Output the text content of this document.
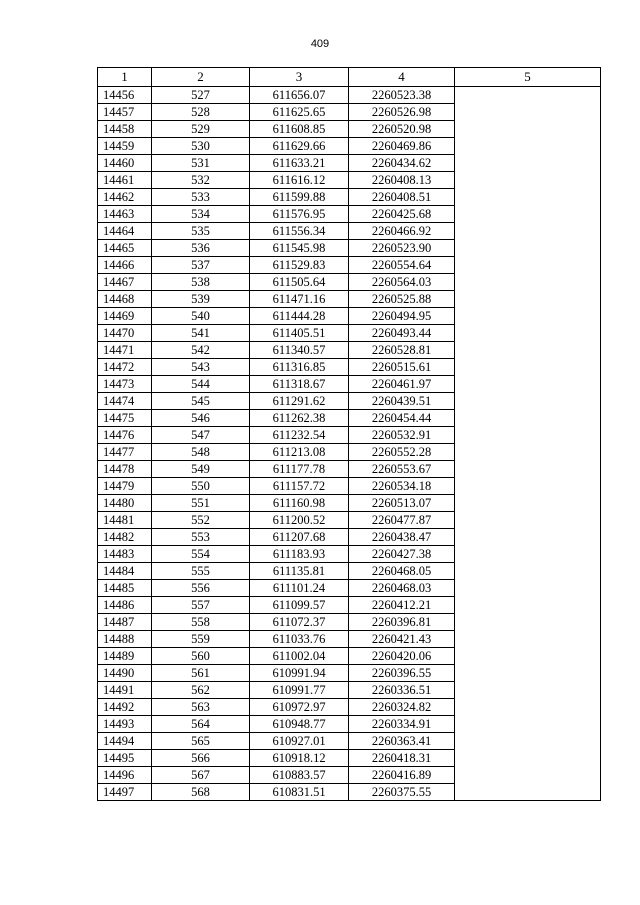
409
1	2	3	4	5
14456	527	611656.07	2260523.38	
14457	528	611625.65	2260526.98	
14458	529	611608.85	2260520.98	
14459	530	611629.66	2260469.86	
14460	531	611633.21	2260434.62	
14461	532	611616.12	2260408.13	
14462	533	611599.88	2260408.51	
14463	534	611576.95	2260425.68	
14464	535	611556.34	2260466.92	
14465	536	611545.98	2260523.90	
14466	537	611529.83	2260554.64	
14467	538	611505.64	2260564.03	
14468	539	611471.16	2260525.88	
14469	540	611444.28	2260494.95	
14470	541	611405.51	2260493.44	
14471	542	611340.57	2260528.81	
14472	543	611316.85	2260515.61	
14473	544	611318.67	2260461.97	
14474	545	611291.62	2260439.51	
14475	546	611262.38	2260454.44	
14476	547	611232.54	2260532.91	
14477	548	611213.08	2260552.28	
14478	549	611177.78	2260553.67	
14479	550	611157.72	2260534.18	
14480	551	611160.98	2260513.07	
14481	552	611200.52	2260477.87	
14482	553	611207.68	2260438.47	
14483	554	611183.93	2260427.38	
14484	555	611135.81	2260468.05	
14485	556	611101.24	2260468.03	
14486	557	611099.57	2260412.21	
14487	558	611072.37	2260396.81	
14488	559	611033.76	2260421.43	
14489	560	611002.04	2260420.06	
14490	561	610991.94	2260396.55	
14491	562	610991.77	2260336.51	
14492	563	610972.97	2260324.82	
14493	564	610948.77	2260334.91	
14494	565	610927.01	2260363.41	
14495	566	610918.12	2260418.31	
14496	567	610883.57	2260416.89	
14497	568	610831.51	2260375.55	
